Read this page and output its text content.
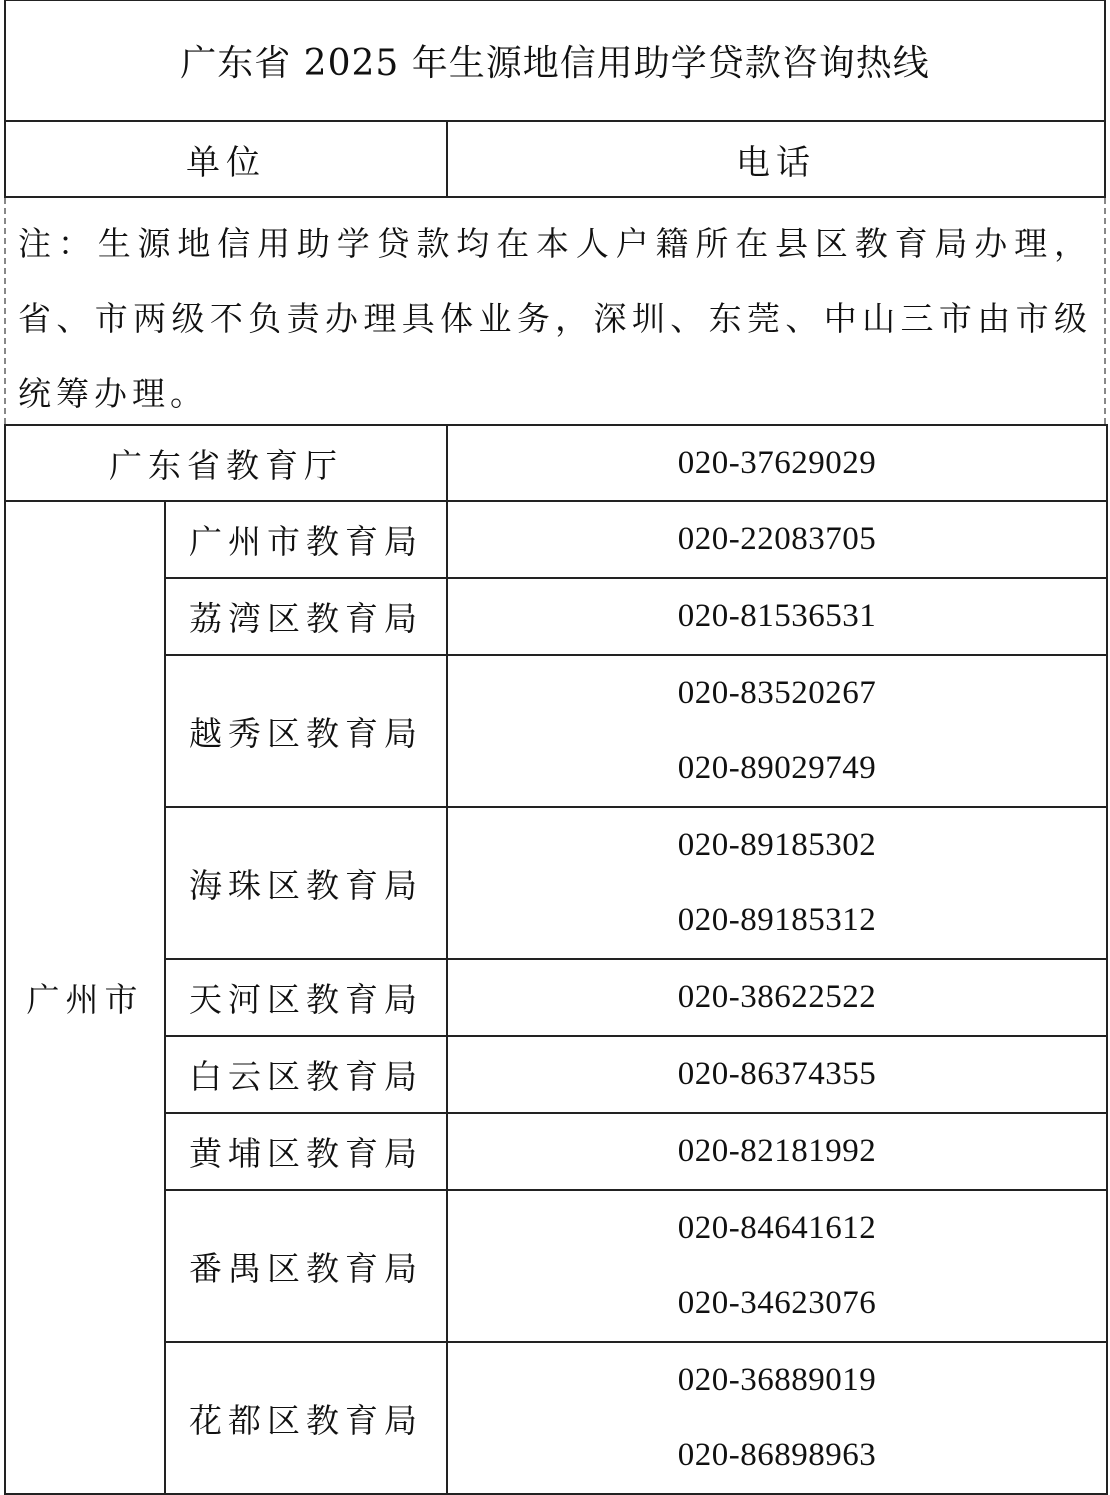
广东省 2025 年生源地信用助学贷款咨询热线
单位	电话
注：生源地信用助学贷款均在本人户籍所在县区教育局办理，省、市两级不负责办理具体业务，深圳、东莞、中山三市由市级统筹办理。
广东省教育厅		020-37629029
广州市	广州市教育局	020-22083705

	荔湾区教育局	020-81536531

	越秀区教育局	020-83520267
020-89029749

	海珠区教育局	020-89185302
020-89185312

	天河区教育局	020-38622522

	白云区教育局	020-86374355

	黄埔区教育局	020-82181992

	番禺区教育局	020-84641612
020-34623076

	花都区教育局	020-36889019
020-86898963
